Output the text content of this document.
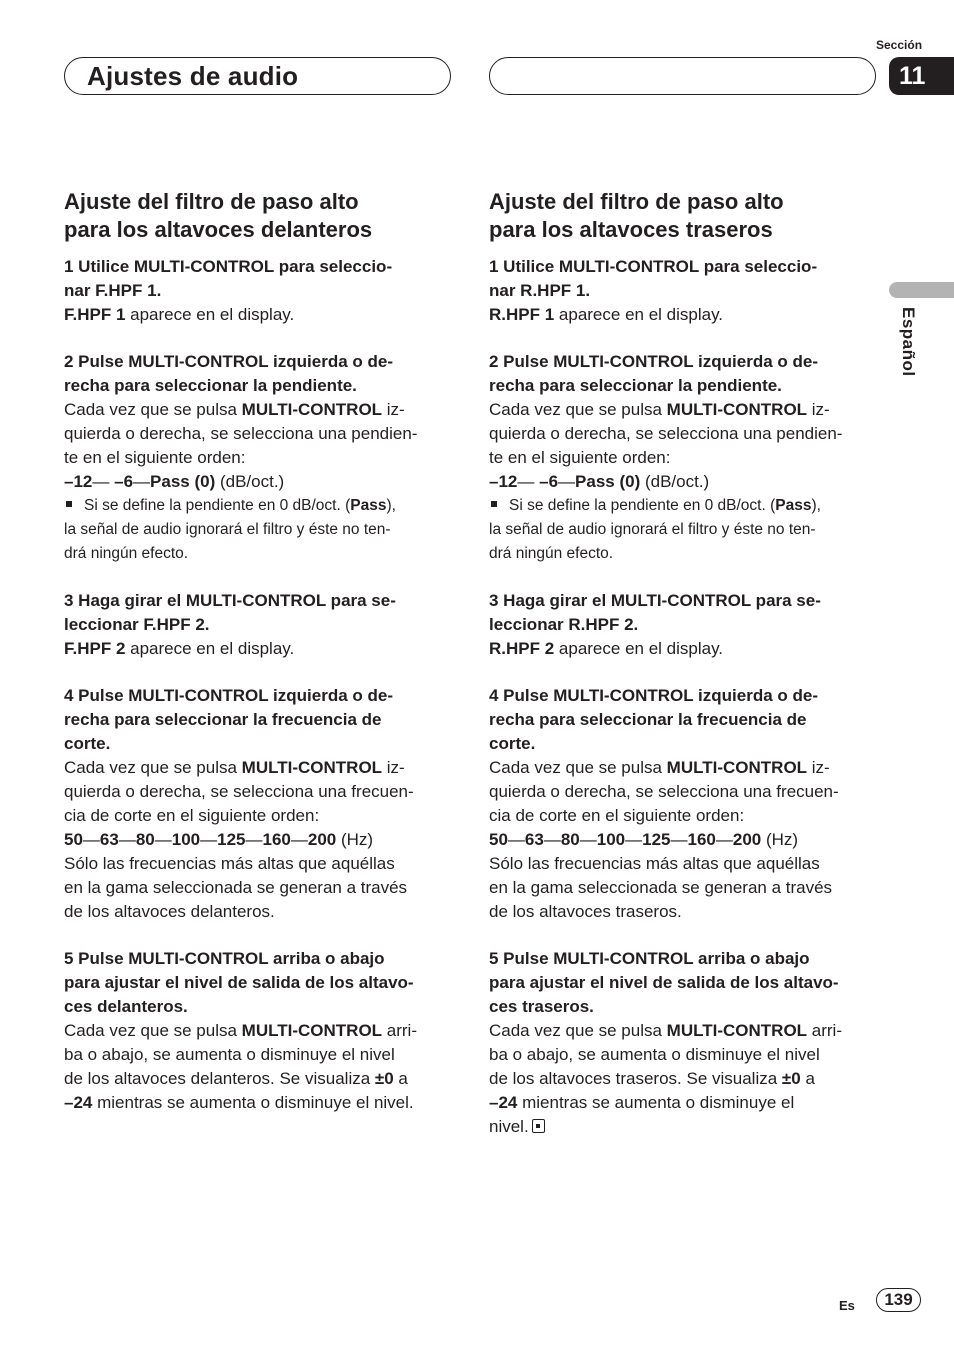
Ajustes de audio
Sección
11
Español
Ajuste del filtro de paso alto
para los altavoces delanteros
1 Utilice MULTI-CONTROL para seleccio-
nar F.HPF 1.
F.HPF 1 aparece en el display.
2 Pulse MULTI-CONTROL izquierda o de-
recha para seleccionar la pendiente.
Cada vez que se pulsa MULTI-CONTROL iz-
quierda o derecha, se selecciona una pendien-
te en el siguiente orden:
–12— –6—Pass (0) (dB/oct.)
Si se define la pendiente en 0 dB/oct. (Pass),
la señal de audio ignorará el filtro y éste no ten-
drá ningún efecto.
3 Haga girar el MULTI-CONTROL para se-
leccionar F.HPF 2.
F.HPF 2 aparece en el display.
4 Pulse MULTI-CONTROL izquierda o de-
recha para seleccionar la frecuencia de
corte.
Cada vez que se pulsa MULTI-CONTROL iz-
quierda o derecha, se selecciona una frecuen-
cia de corte en el siguiente orden:
50—63—80—100—125—160—200 (Hz)
Sólo las frecuencias más altas que aquéllas
en la gama seleccionada se generan a través
de los altavoces delanteros.
5 Pulse MULTI-CONTROL arriba o abajo
para ajustar el nivel de salida de los altavo-
ces delanteros.
Cada vez que se pulsa MULTI-CONTROL arri-
ba o abajo, se aumenta o disminuye el nivel
de los altavoces delanteros. Se visualiza ±0 a
–24 mientras se aumenta o disminuye el nivel.
Ajuste del filtro de paso alto
para los altavoces traseros
1 Utilice MULTI-CONTROL para seleccio-
nar R.HPF 1.
R.HPF 1 aparece en el display.
2 Pulse MULTI-CONTROL izquierda o de-
recha para seleccionar la pendiente.
Cada vez que se pulsa MULTI-CONTROL iz-
quierda o derecha, se selecciona una pendien-
te en el siguiente orden:
–12— –6—Pass (0) (dB/oct.)
Si se define la pendiente en 0 dB/oct. (Pass),
la señal de audio ignorará el filtro y éste no ten-
drá ningún efecto.
3 Haga girar el MULTI-CONTROL para se-
leccionar R.HPF 2.
R.HPF 2 aparece en el display.
4 Pulse MULTI-CONTROL izquierda o de-
recha para seleccionar la frecuencia de
corte.
Cada vez que se pulsa MULTI-CONTROL iz-
quierda o derecha, se selecciona una frecuen-
cia de corte en el siguiente orden:
50—63—80—100—125—160—200 (Hz)
Sólo las frecuencias más altas que aquéllas
en la gama seleccionada se generan a través
de los altavoces traseros.
5 Pulse MULTI-CONTROL arriba o abajo
para ajustar el nivel de salida de los altavo-
ces traseros.
Cada vez que se pulsa MULTI-CONTROL arri-
ba o abajo, se aumenta o disminuye el nivel
de los altavoces traseros. Se visualiza ±0 a
–24 mientras se aumenta o disminuye el
nivel.
Es	139
